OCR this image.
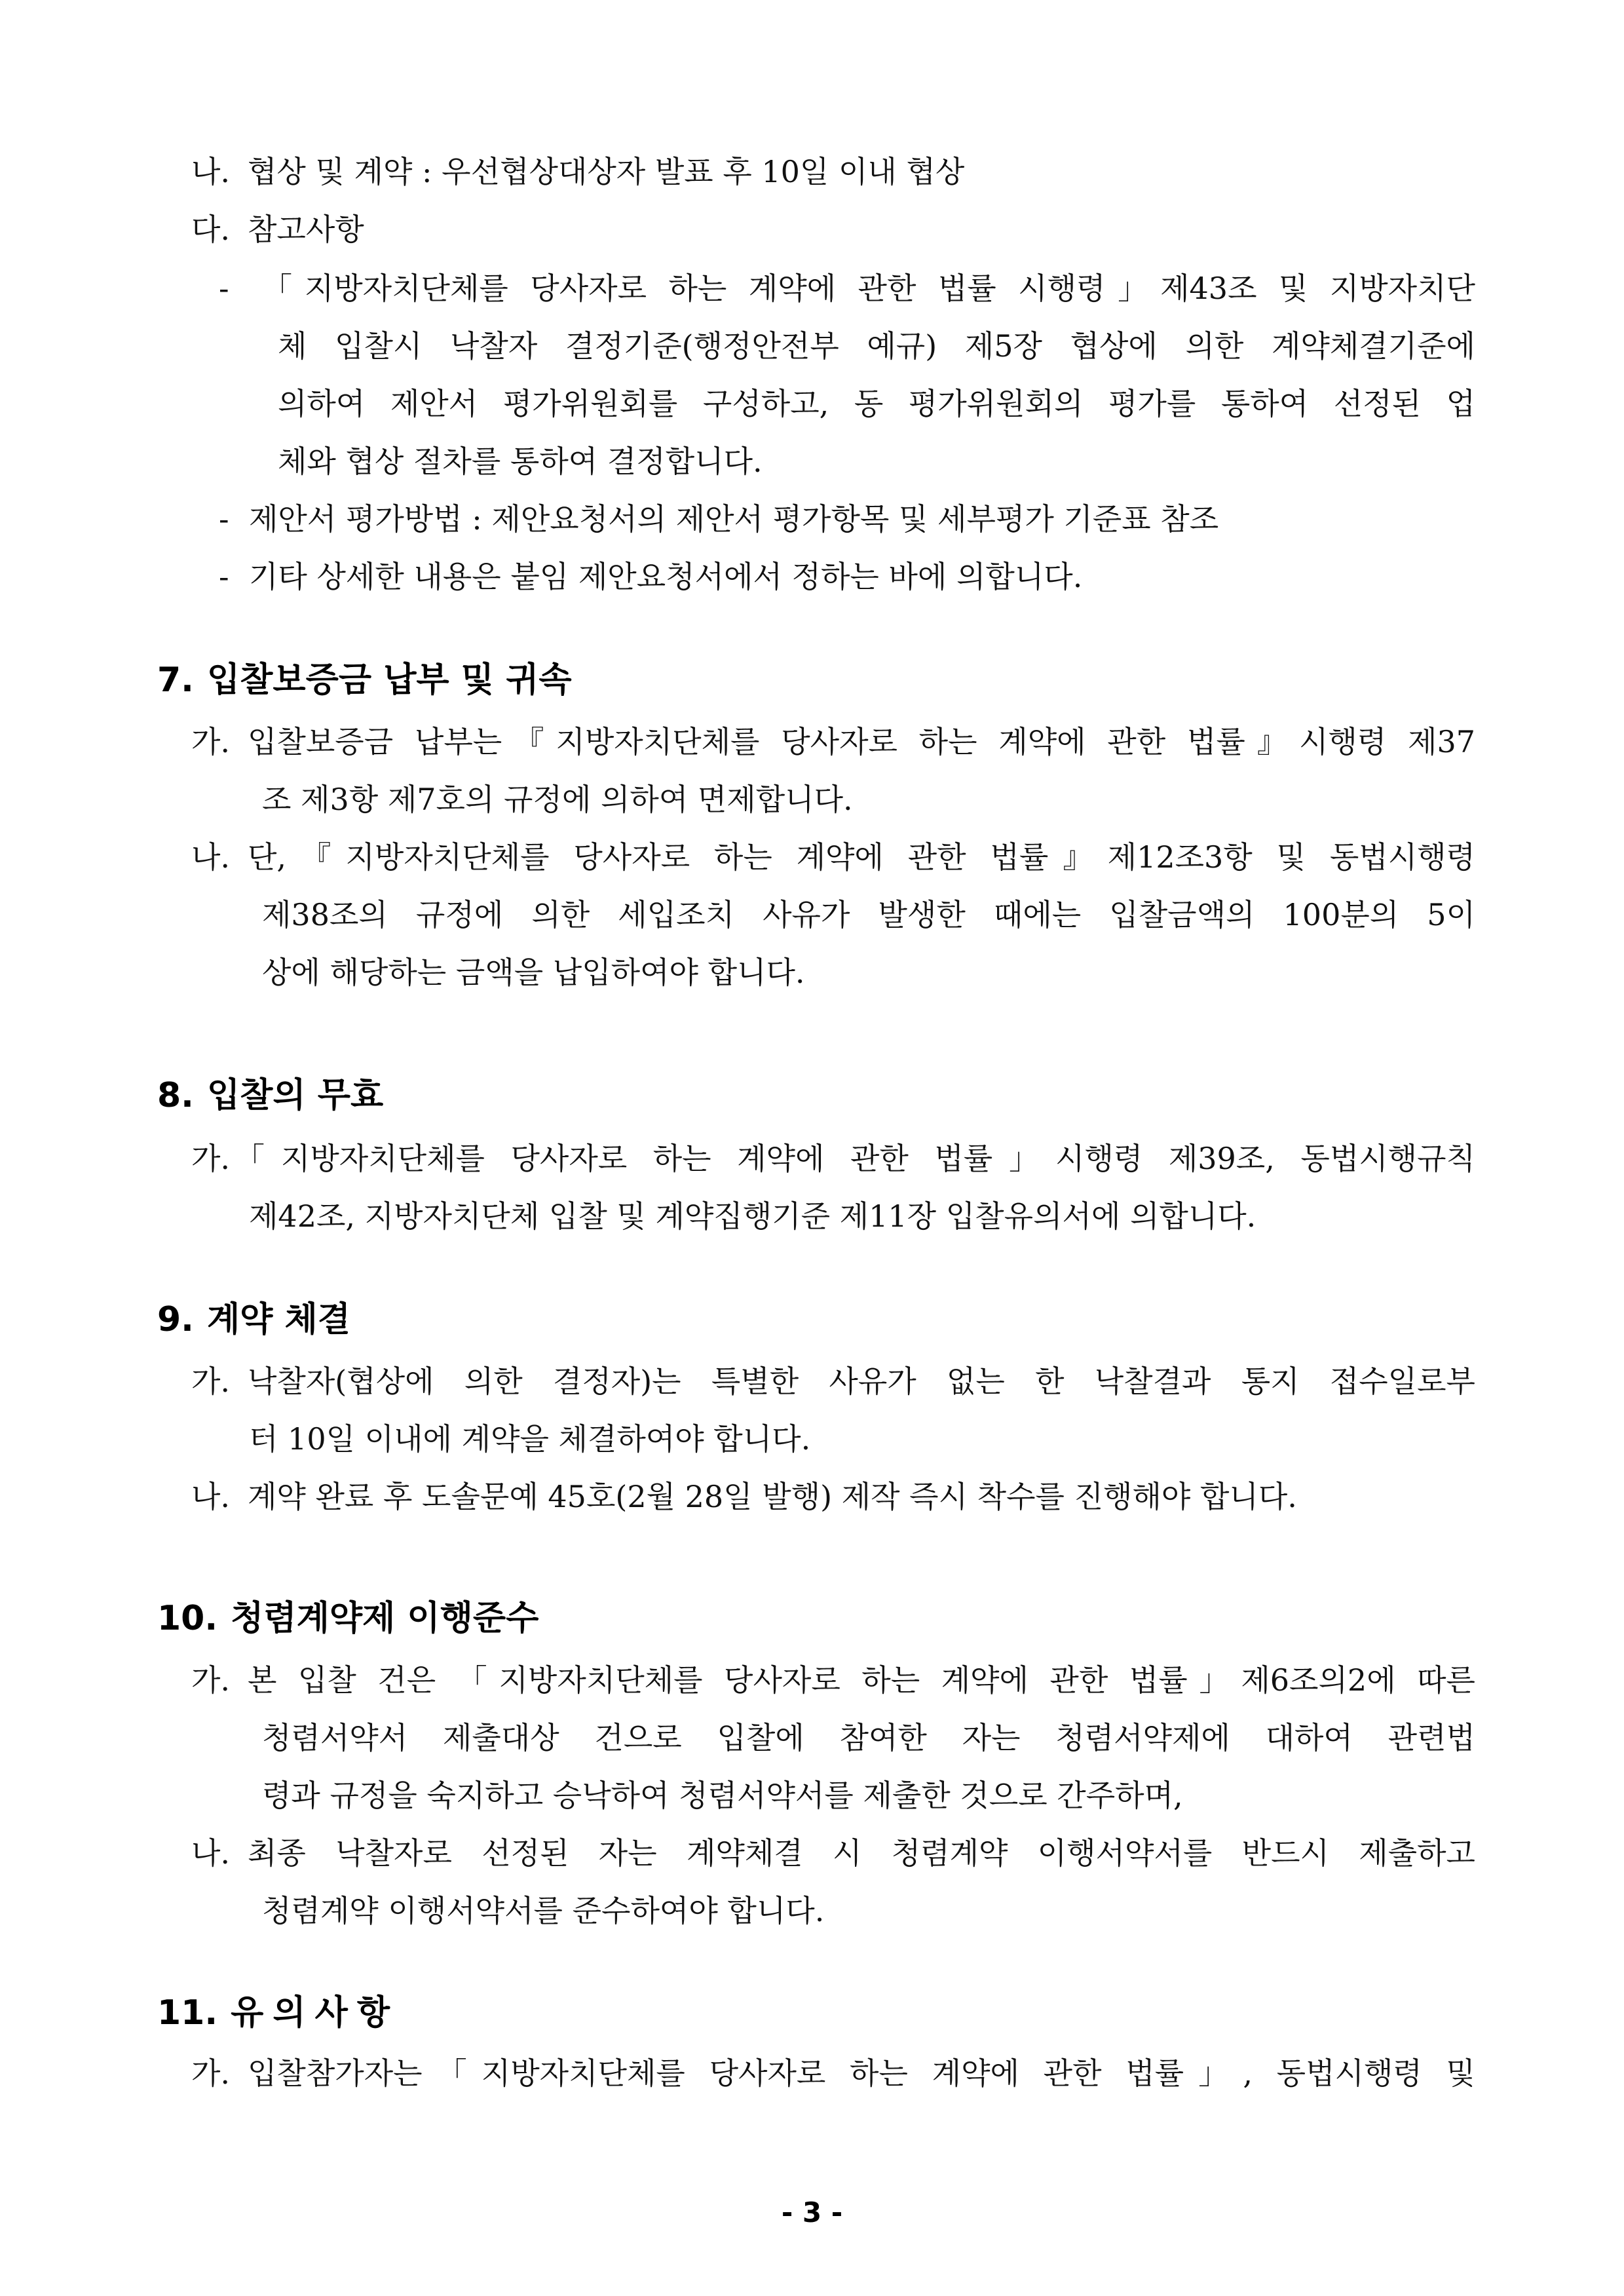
나. 협상 및 계약 : 우선협상대상자 발표 후 10일 이내 협상
다. 참고사항
- 「지방자치단체를 당사자로 하는 계약에 관한 법률 시행령」제43조 및 지방자치단
체 입찰시 낙찰자 결정기준(행정안전부 예규) 제5장 협상에 의한 계약체결기준에
의하여 제안서 평가위원회를 구성하고, 동 평가위원회의 평가를 통하여 선정된 업
체와 협상 절차를 통하여 결정합니다.
- 제안서 평가방법 : 제안요청서의 제안서 평가항목 및 세부평가 기준표 참조
- 기타 상세한 내용은 붙임 제안요청서에서 정하는 바에 의합니다.
7. 입찰보증금 납부 및 귀속
가. 입찰보증금 납부는『지방자치단체를 당사자로 하는 계약에 관한 법률』시행령 제37
조 제3항 제7호의 규정에 의하여 면제합니다.
나. 단,『지방자치단체를 당사자로 하는 계약에 관한 법률』제12조3항 및 동법시행령
제38조의 규정에 의한 세입조치 사유가 발생한 때에는 입찰금액의 100분의 5이
상에 해당하는 금액을 납입하여야 합니다.
8. 입찰의 무효
가. 「지방자치단체를 당사자로 하는 계약에 관한 법률」시행령 제39조, 동법시행규칙
제42조, 지방자치단체 입찰 및 계약집행기준 제11장 입찰유의서에 의합니다.
9. 계약 체결
가. 낙찰자(협상에 의한 결정자)는 특별한 사유가 없는 한 낙찰결과 통지 접수일로부
터 10일 이내에 계약을 체결하여야 합니다.
나. 계약 완료 후 도솔문예 45호(2월 28일 발행) 제작 즉시 착수를 진행해야 합니다.
10. 청렴계약제 이행준수
가. 본 입찰 건은 「지방자치단체를 당사자로 하는 계약에 관한 법률」제6조의2에 따른
청렴서약서 제출대상 건으로 입찰에 참여한 자는 청렴서약제에 대하여 관련법
령과 규정을 숙지하고 승낙하여 청렴서약서를 제출한 것으로 간주하며,
나. 최종 낙찰자로 선정된 자는 계약체결 시 청렴계약 이행서약서를 반드시 제출하고
청렴계약 이행서약서를 준수하여야 합니다.
11. 유의사항
가. 입찰참가자는「지방자치단체를 당사자로 하는 계약에 관한 법률」, 동법시행령 및
- 3 -
